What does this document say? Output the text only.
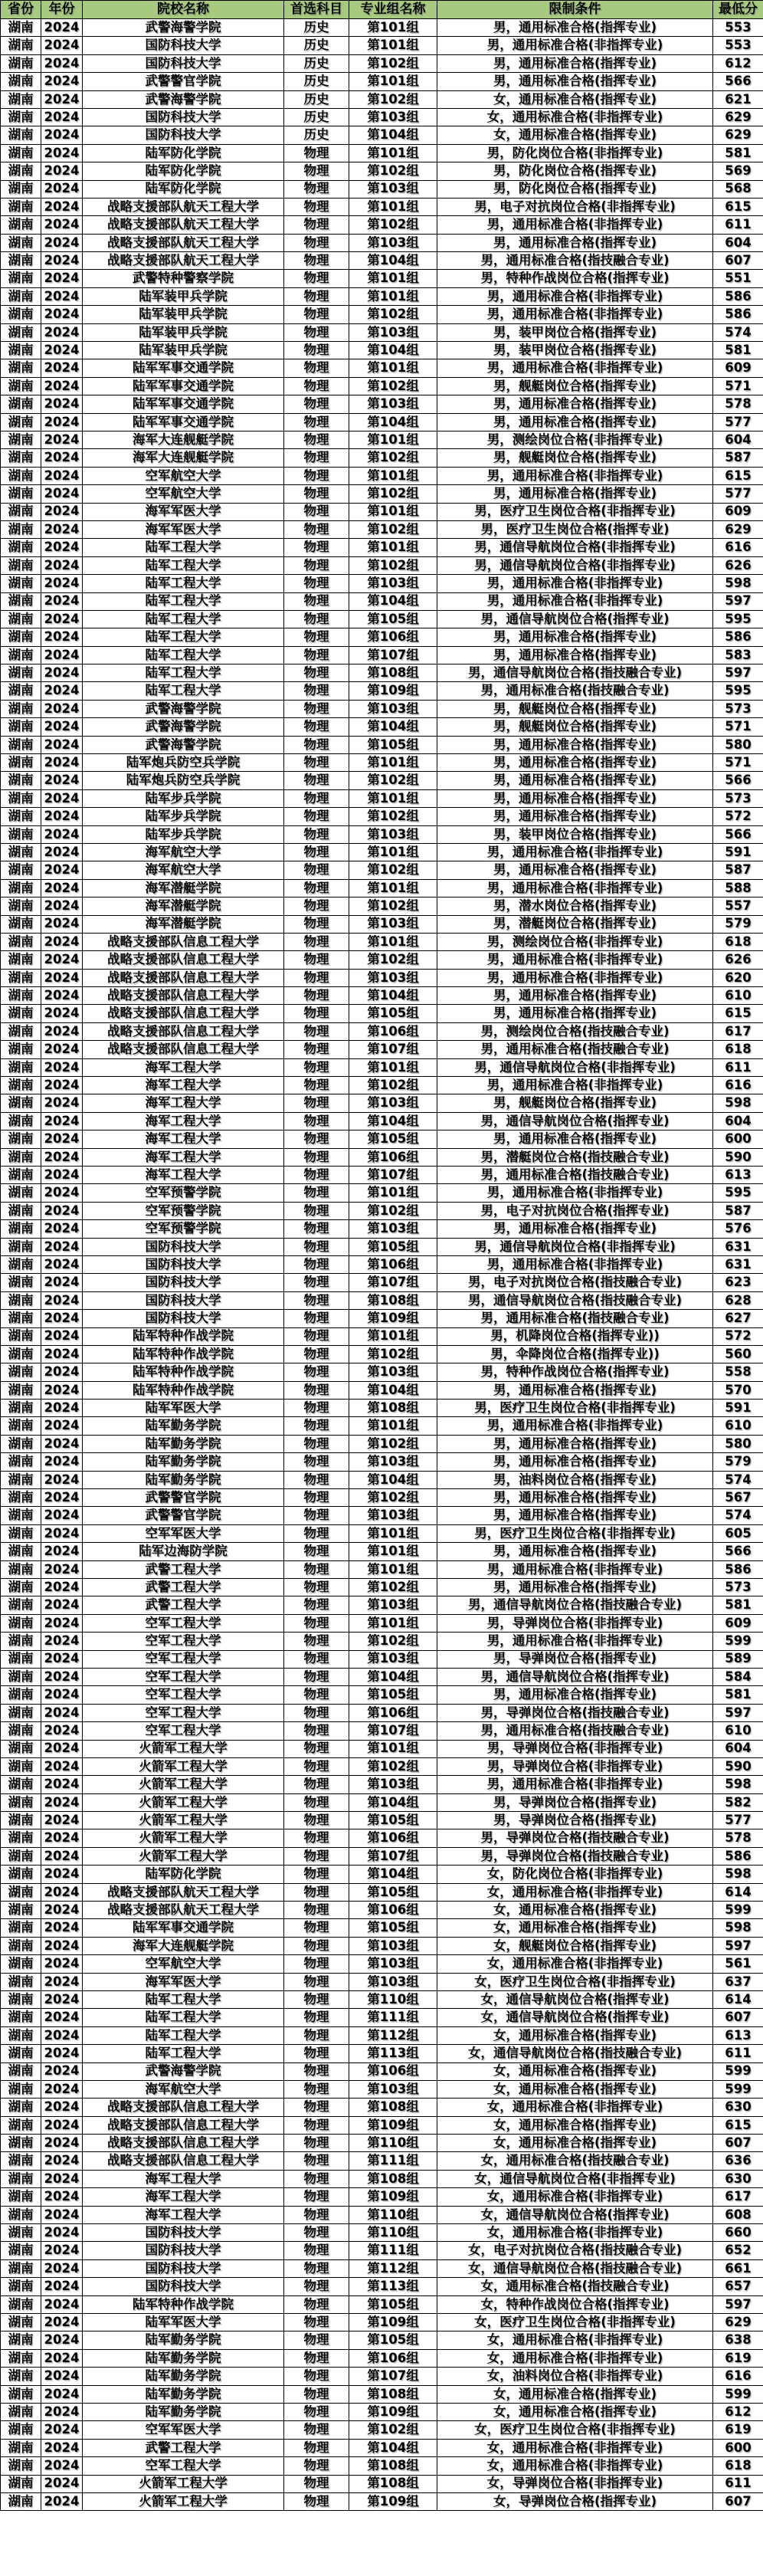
省份	年份	院校名称	首选科目	专业组名称	限制条件	最低分
湖南	2024	武警海警学院	历史	第101组	男，通用标准合格(指挥专业)	553
湖南	2024	国防科技大学	历史	第101组	男，通用标准合格(非指挥专业)	553
湖南	2024	国防科技大学	历史	第102组	男，通用标准合格(指挥专业)	612
湖南	2024	武警警官学院	历史	第101组	男，通用标准合格(指挥专业)	566
湖南	2024	武警海警学院	历史	第102组	女，通用标准合格(指挥专业)	621
湖南	2024	国防科技大学	历史	第103组	女，通用标准合格(非指挥专业)	629
湖南	2024	国防科技大学	历史	第104组	女，通用标准合格(指挥专业)	629
湖南	2024	陆军防化学院	物理	第101组	男，防化岗位合格(非指挥专业)	581
湖南	2024	陆军防化学院	物理	第102组	男，防化岗位合格(指挥专业)	569
湖南	2024	陆军防化学院	物理	第103组	男，防化岗位合格(指挥专业)	568
湖南	2024	战略支援部队航天工程大学	物理	第101组	男，电子对抗岗位合格(非指挥专业)	615
湖南	2024	战略支援部队航天工程大学	物理	第102组	男，通用标准合格(非指挥专业)	611
湖南	2024	战略支援部队航天工程大学	物理	第103组	男，通用标准合格(指挥专业)	604
湖南	2024	战略支援部队航天工程大学	物理	第104组	男，通用标准合格(指技融合专业)	607
湖南	2024	武警特种警察学院	物理	第101组	男，特种作战岗位合格(指挥专业)	551
湖南	2024	陆军装甲兵学院	物理	第101组	男，通用标准合格(非指挥专业)	586
湖南	2024	陆军装甲兵学院	物理	第102组	男，通用标准合格(非指挥专业)	586
湖南	2024	陆军装甲兵学院	物理	第103组	男，装甲岗位合格(指挥专业)	574
湖南	2024	陆军装甲兵学院	物理	第104组	男，装甲岗位合格(指挥专业)	581
湖南	2024	陆军军事交通学院	物理	第101组	男，通用标准合格(非指挥专业)	609
湖南	2024	陆军军事交通学院	物理	第102组	男，舰艇岗位合格(指挥专业)	571
湖南	2024	陆军军事交通学院	物理	第103组	男，通用标准合格(指挥专业)	578
湖南	2024	陆军军事交通学院	物理	第104组	男，通用标准合格(指挥专业)	577
湖南	2024	海军大连舰艇学院	物理	第101组	男，测绘岗位合格(非指挥专业)	604
湖南	2024	海军大连舰艇学院	物理	第102组	男，舰艇岗位合格(指挥专业)	587
湖南	2024	空军航空大学	物理	第101组	男，通用标准合格(非指挥专业)	615
湖南	2024	空军航空大学	物理	第102组	男，通用标准合格(指挥专业)	577
湖南	2024	海军军医大学	物理	第101组	男，医疗卫生岗位合格(非指挥专业)	609
湖南	2024	海军军医大学	物理	第102组	男，医疗卫生岗位合格(指挥专业)	629
湖南	2024	陆军工程大学	物理	第101组	男，通信导航岗位合格(非指挥专业)	616
湖南	2024	陆军工程大学	物理	第102组	男，通信导航岗位合格(非指挥专业)	626
湖南	2024	陆军工程大学	物理	第103组	男，通用标准合格(非指挥专业)	598
湖南	2024	陆军工程大学	物理	第104组	男，通用标准合格(非指挥专业)	597
湖南	2024	陆军工程大学	物理	第105组	男，通信导航岗位合格(指挥专业)	595
湖南	2024	陆军工程大学	物理	第106组	男，通用标准合格(指挥专业)	586
湖南	2024	陆军工程大学	物理	第107组	男，通用标准合格(指挥专业)	583
湖南	2024	陆军工程大学	物理	第108组	男，通信导航岗位合格(指技融合专业)	597
湖南	2024	陆军工程大学	物理	第109组	男，通用标准合格(指技融合专业)	595
湖南	2024	武警海警学院	物理	第103组	男，舰艇岗位合格(指挥专业)	573
湖南	2024	武警海警学院	物理	第104组	男，舰艇岗位合格(指挥专业)	571
湖南	2024	武警海警学院	物理	第105组	男，通用标准合格(指挥专业)	580
湖南	2024	陆军炮兵防空兵学院	物理	第101组	男，通用标准合格(指挥专业)	571
湖南	2024	陆军炮兵防空兵学院	物理	第102组	男，通用标准合格(指挥专业)	566
湖南	2024	陆军步兵学院	物理	第101组	男，通用标准合格(指挥专业)	573
湖南	2024	陆军步兵学院	物理	第102组	男，通用标准合格(指挥专业)	572
湖南	2024	陆军步兵学院	物理	第103组	男，装甲岗位合格(指挥专业)	566
湖南	2024	海军航空大学	物理	第101组	男，通用标准合格(非指挥专业)	591
湖南	2024	海军航空大学	物理	第102组	男，通用标准合格(指挥专业)	587
湖南	2024	海军潜艇学院	物理	第101组	男，通用标准合格(非指挥专业)	588
湖南	2024	海军潜艇学院	物理	第102组	男，潜水岗位合格(指挥专业)	557
湖南	2024	海军潜艇学院	物理	第103组	男，潜艇岗位合格(指挥专业)	579
湖南	2024	战略支援部队信息工程大学	物理	第101组	男，测绘岗位合格(非指挥专业)	618
湖南	2024	战略支援部队信息工程大学	物理	第102组	男，通用标准合格(非指挥专业)	626
湖南	2024	战略支援部队信息工程大学	物理	第103组	男，通用标准合格(非指挥专业)	620
湖南	2024	战略支援部队信息工程大学	物理	第104组	男，通用标准合格(指挥专业)	610
湖南	2024	战略支援部队信息工程大学	物理	第105组	男，通用标准合格(指挥专业)	615
湖南	2024	战略支援部队信息工程大学	物理	第106组	男，测绘岗位合格(指技融合专业)	617
湖南	2024	战略支援部队信息工程大学	物理	第107组	男，通用标准合格(指技融合专业)	618
湖南	2024	海军工程大学	物理	第101组	男，通信导航岗位合格(非指挥专业)	611
湖南	2024	海军工程大学	物理	第102组	男，通用标准合格(非指挥专业)	616
湖南	2024	海军工程大学	物理	第103组	男，舰艇岗位合格(指挥专业)	598
湖南	2024	海军工程大学	物理	第104组	男，通信导航岗位合格(指挥专业)	604
湖南	2024	海军工程大学	物理	第105组	男，通用标准合格(指挥专业)	600
湖南	2024	海军工程大学	物理	第106组	男，潜艇岗位合格(指技融合专业)	590
湖南	2024	海军工程大学	物理	第107组	男，通用标准合格(指技融合专业)	613
湖南	2024	空军预警学院	物理	第101组	男，通用标准合格(非指挥专业)	595
湖南	2024	空军预警学院	物理	第102组	男，电子对抗岗位合格(指挥专业)	587
湖南	2024	空军预警学院	物理	第103组	男，通用标准合格(指挥专业)	576
湖南	2024	国防科技大学	物理	第105组	男，通信导航岗位合格(非指挥专业)	631
湖南	2024	国防科技大学	物理	第106组	男，通用标准合格(非指挥专业)	631
湖南	2024	国防科技大学	物理	第107组	男，电子对抗岗位合格(指技融合专业)	623
湖南	2024	国防科技大学	物理	第108组	男，通信导航岗位合格(指技融合专业)	628
湖南	2024	国防科技大学	物理	第109组	男，通用标准合格(指技融合专业)	627
湖南	2024	陆军特种作战学院	物理	第101组	男，机降岗位合格(指挥专业))	572
湖南	2024	陆军特种作战学院	物理	第102组	男，伞降岗位合格(指挥专业))	560
湖南	2024	陆军特种作战学院	物理	第103组	男，特种作战岗位合格(指挥专业)	558
湖南	2024	陆军特种作战学院	物理	第104组	男，通用标准合格(指挥专业)	570
湖南	2024	陆军军医大学	物理	第108组	男，医疗卫生岗位合格(非指挥专业)	591
湖南	2024	陆军勤务学院	物理	第101组	男，通用标准合格(非指挥专业)	610
湖南	2024	陆军勤务学院	物理	第102组	男，通用标准合格(指挥专业)	580
湖南	2024	陆军勤务学院	物理	第103组	男，通用标准合格(指挥专业)	579
湖南	2024	陆军勤务学院	物理	第104组	男，油料岗位合格(指挥专业)	574
湖南	2024	武警警官学院	物理	第102组	男，通用标准合格(指挥专业)	567
湖南	2024	武警警官学院	物理	第103组	男，通用标准合格(指挥专业)	574
湖南	2024	空军军医大学	物理	第101组	男，医疗卫生岗位合格(非指挥专业)	605
湖南	2024	陆军边海防学院	物理	第101组	男，通用标准合格(指挥专业)	566
湖南	2024	武警工程大学	物理	第101组	男，通用标准合格(非指挥专业)	586
湖南	2024	武警工程大学	物理	第102组	男，通用标准合格(指挥专业)	573
湖南	2024	武警工程大学	物理	第103组	男，通信导航岗位合格(指技融合专业)	581
湖南	2024	空军工程大学	物理	第101组	男，导弹岗位合格(非指挥专业)	609
湖南	2024	空军工程大学	物理	第102组	男，通用标准合格(非指挥专业)	599
湖南	2024	空军工程大学	物理	第103组	男，导弹岗位合格(指挥专业)	589
湖南	2024	空军工程大学	物理	第104组	男，通信导航岗位合格(指挥专业)	584
湖南	2024	空军工程大学	物理	第105组	男，通用标准合格(指挥专业)	581
湖南	2024	空军工程大学	物理	第106组	男，导弹岗位合格(指技融合专业)	597
湖南	2024	空军工程大学	物理	第107组	男，通用标准合格(指技融合专业)	610
湖南	2024	火箭军工程大学	物理	第101组	男，导弹岗位合格(非指挥专业)	604
湖南	2024	火箭军工程大学	物理	第102组	男，导弹岗位合格(非指挥专业)	590
湖南	2024	火箭军工程大学	物理	第103组	男，通用标准合格(非指挥专业)	598
湖南	2024	火箭军工程大学	物理	第104组	男，导弹岗位合格(指挥专业)	582
湖南	2024	火箭军工程大学	物理	第105组	男，导弹岗位合格(指挥专业)	577
湖南	2024	火箭军工程大学	物理	第106组	男，导弹岗位合格(指技融合专业)	578
湖南	2024	火箭军工程大学	物理	第107组	男，导弹岗位合格(指技融合专业)	586
湖南	2024	陆军防化学院	物理	第104组	女，防化岗位合格(非指挥专业)	598
湖南	2024	战略支援部队航天工程大学	物理	第105组	女，通用标准合格(非指挥专业)	614
湖南	2024	战略支援部队航天工程大学	物理	第106组	女，通用标准合格(指挥专业)	599
湖南	2024	陆军军事交通学院	物理	第105组	女，通用标准合格(指挥专业)	598
湖南	2024	海军大连舰艇学院	物理	第103组	女，舰艇岗位合格(指挥专业)	597
湖南	2024	空军航空大学	物理	第103组	女，通用标准合格(非指挥专业)	561
湖南	2024	海军军医大学	物理	第103组	女，医疗卫生岗位合格(非指挥专业)	637
湖南	2024	陆军工程大学	物理	第110组	女，通信导航岗位合格(指挥专业)	614
湖南	2024	陆军工程大学	物理	第111组	女，通信导航岗位合格(指挥专业)	607
湖南	2024	陆军工程大学	物理	第112组	女，通用标准合格(指挥专业)	613
湖南	2024	陆军工程大学	物理	第113组	女，通信导航岗位合格(指技融合专业)	611
湖南	2024	武警海警学院	物理	第106组	女，通用标准合格(指挥专业)	599
湖南	2024	海军航空大学	物理	第103组	女，通用标准合格(指挥专业)	599
湖南	2024	战略支援部队信息工程大学	物理	第108组	女，通用标准合格(非指挥专业)	630
湖南	2024	战略支援部队信息工程大学	物理	第109组	女，通用标准合格(指挥专业)	615
湖南	2024	战略支援部队信息工程大学	物理	第110组	女，通用标准合格(指挥专业)	607
湖南	2024	战略支援部队信息工程大学	物理	第111组	女，通用标准合格(指技融合专业)	636
湖南	2024	海军工程大学	物理	第108组	女，通信导航岗位合格(非指挥专业)	630
湖南	2024	海军工程大学	物理	第109组	女，通用标准合格(非指挥专业)	617
湖南	2024	海军工程大学	物理	第110组	女，通信导航岗位合格(指挥专业)	608
湖南	2024	国防科技大学	物理	第110组	女，通用标准合格(非指挥专业)	660
湖南	2024	国防科技大学	物理	第111组	女，电子对抗岗位合格(指技融合专业)	652
湖南	2024	国防科技大学	物理	第112组	女，通信导航岗位合格(指技融合专业)	661
湖南	2024	国防科技大学	物理	第113组	女，通用标准合格(指技融合专业)	657
湖南	2024	陆军特种作战学院	物理	第105组	女，特种作战岗位合格(指挥专业)	597
湖南	2024	陆军军医大学	物理	第109组	女，医疗卫生岗位合格(非指挥专业)	629
湖南	2024	陆军勤务学院	物理	第105组	女，通用标准合格(非指挥专业)	638
湖南	2024	陆军勤务学院	物理	第106组	女，通用标准合格(非指挥专业)	619
湖南	2024	陆军勤务学院	物理	第107组	女，油料岗位合格(非指挥专业)	616
湖南	2024	陆军勤务学院	物理	第108组	女，通用标准合格(指挥专业)	599
湖南	2024	陆军勤务学院	物理	第109组	女，通用标准合格(指挥专业)	612
湖南	2024	空军军医大学	物理	第102组	女，医疗卫生岗位合格(非指挥专业)	619
湖南	2024	武警工程大学	物理	第104组	女，通用标准合格(非指挥专业)	600
湖南	2024	空军工程大学	物理	第108组	女，通用标准合格(非指挥专业)	618
湖南	2024	火箭军工程大学	物理	第108组	女，导弹岗位合格(非指挥专业)	611
湖南	2024	火箭军工程大学	物理	第109组	女，导弹岗位合格(指挥专业)	607
